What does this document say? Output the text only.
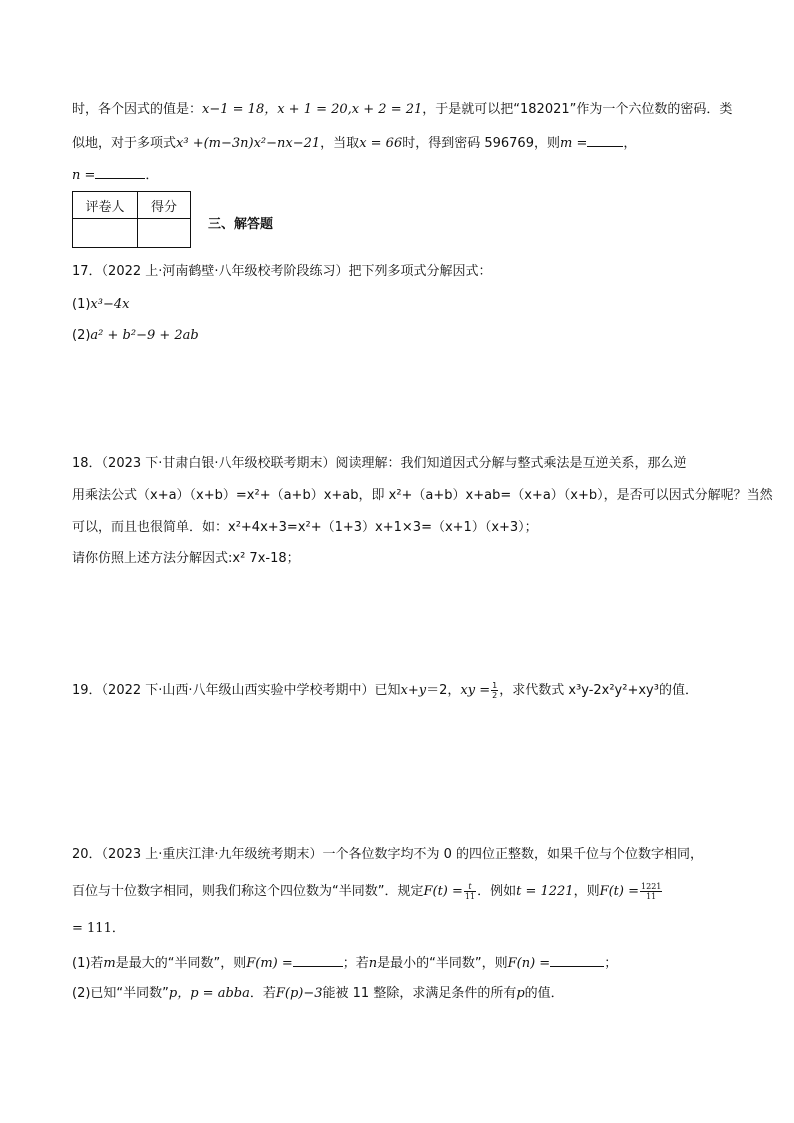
时，各个因式的值是：x−1 = 18，x + 1 = 20,x + 2 = 21，于是就可以把“182021”作为一个六位数的密码．类
似地，对于多项式x³ +(m−3n)x²−nx−21，当取x = 66时，得到密码 596769，则m =	，
n =	．
评卷人	得分

三、解答题
17．（2022 上·河南鹤壁·八年级校考阶段练习）把下列多项式分解因式：
(1)x³−4x
(2)a² + b²−9 + 2ab
18．（2023 下·甘肃白银·八年级校联考期末）阅读理解：我们知道因式分解与整式乘法是互逆关系，那么逆
用乘法公式（x+a）（x+b）=x²+（a+b）x+ab，即 x²+（a+b）x+ab=（x+a）（x+b），是否可以因式分解呢？当然
可以，而且也很简单．如：x²+4x+3=x²+（1+3）x+1×3=（x+1）（x+3）；
请你仿照上述方法分解因式:x² 7x-18；
19．（2022 下·山西·八年级山西实验中学校考期中）已知x+y＝2，xy = $\frac{1}{2}$ ，求代数式 x³y-2x²y²+xy³的值．
20．（2023 上·重庆江津·九年级统考期末）一个各位数字均不为 0 的四位正整数，如果千位与个位数字相同，
百位与十位数字相同，则我们称这个四位数为“半同数”．规定$F(t) = \frac{t}{11}$ ．例如t = 1221，则$F(t) = \frac{1221}{11}$
= 111．
(1)若m是最大的“半同数”，则F(m) =	；若n是最小的“半同数”，则F(n) =	；
(2)已知“半同数”p，p = abba．若F(p)−3能被 11 整除，求满足条件的所有p的值．
